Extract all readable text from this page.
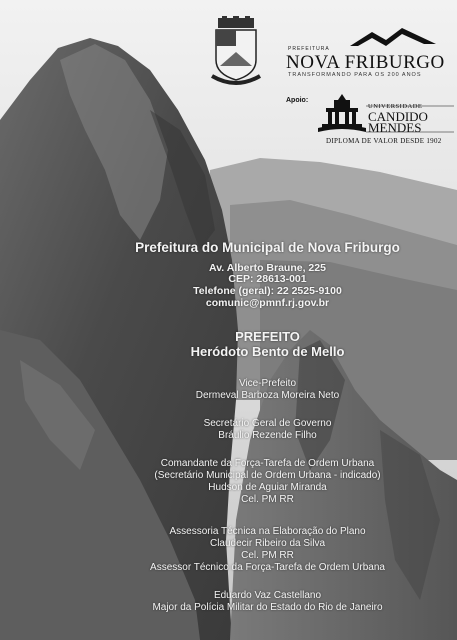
PREFEITURA
NOVA FRIBURGO
TRANSFORMANDO PARA OS 200 ANOS
Apoio:
UNIVERSIDADE
CANDIDO
MENDES
DIPLOMA DE VALOR DESDE 1902
Prefeitura do Municipal de Nova Friburgo
Av. Alberto Braune, 225
CEP: 28613-001
Telefone (geral): 22 2525-9100
comunic@pmnf.rj.gov.br
PREFEITO
Heródoto Bento de Mello
Vice-Prefeito
Dermeval Barboza Moreira Neto
Secretário Geral de Governo
Bráulio Rezende Filho
Comandante da Força-Tarefa de Ordem Urbana
(Secretário Municipal de Ordem Urbana - indicado)
Hudson de Aguiar Miranda
Cel. PM RR
Assessoria Técnica na Elaboração do Plano
Claudecir Ribeiro da Silva
Cel. PM RR
Assessor Técnico da Força-Tarefa de Ordem Urbana
Eduardo Vaz Castellano
Major da Polícia Militar do Estado do Rio de Janeiro
